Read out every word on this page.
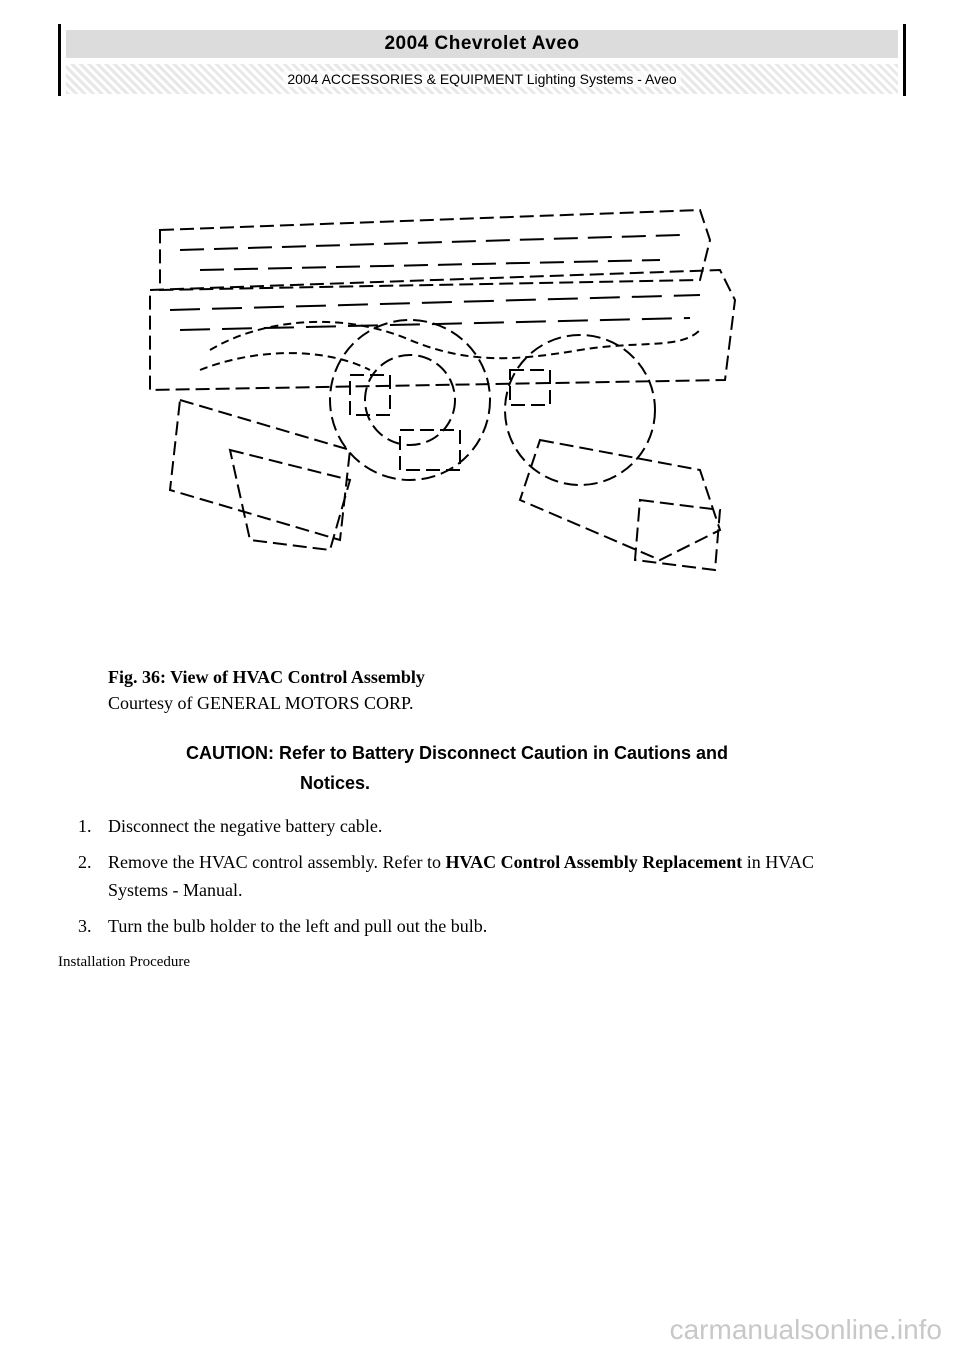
2004 Chevrolet Aveo
2004 ACCESSORIES & EQUIPMENT Lighting Systems - Aveo
Fig. 36: View of HVAC Control Assembly
Courtesy of GENERAL MOTORS CORP.
CAUTION: Refer to Battery Disconnect Caution in Cautions and
Notices.
1. Disconnect the negative battery cable.
2. Remove the HVAC control assembly. Refer to HVAC Control Assembly Replacement in HVAC Systems - Manual.
3. Turn the bulb holder to the left and pull out the bulb.
Installation Procedure
carmanualsonline.info
